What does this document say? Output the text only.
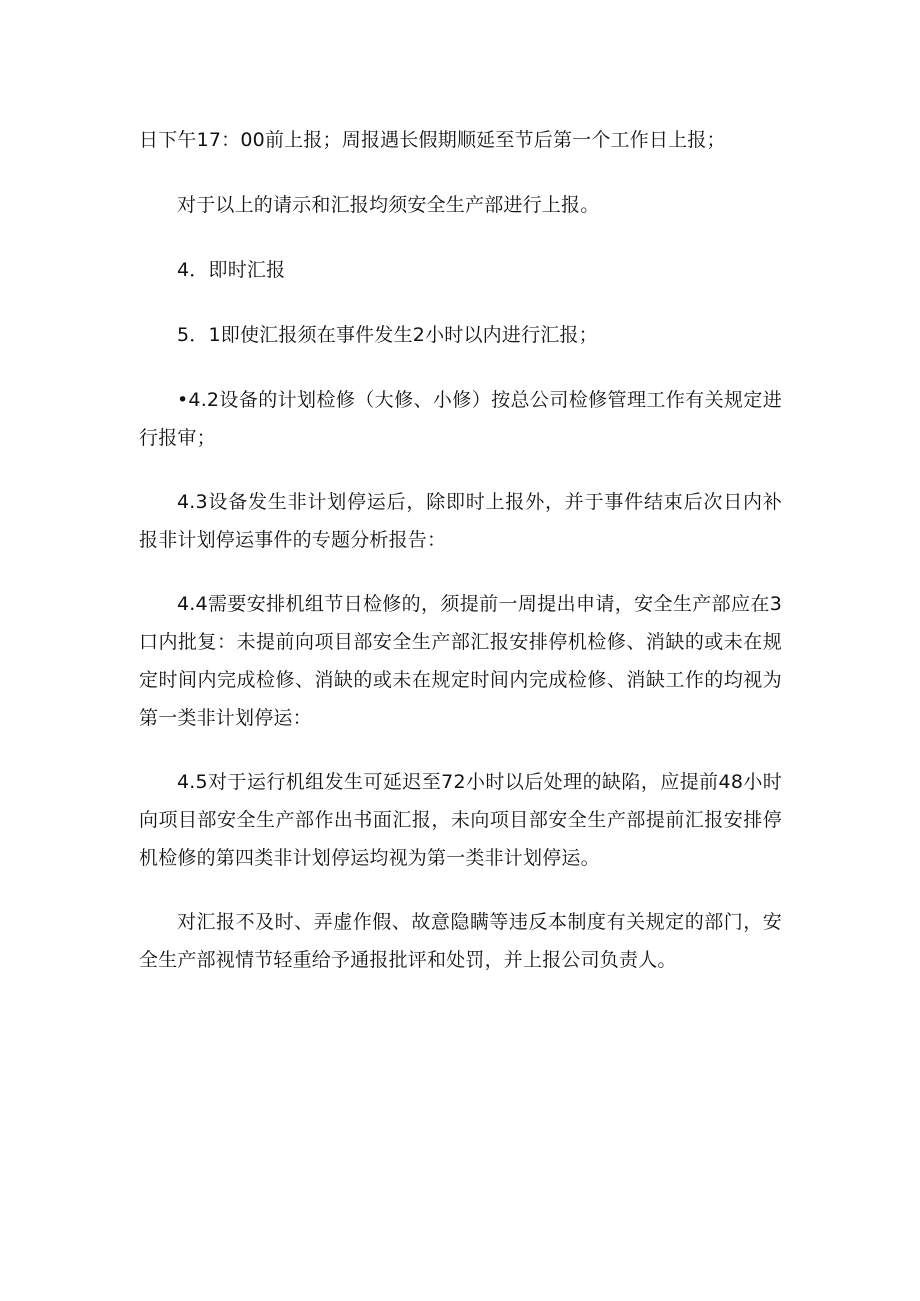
日下午17：00前上报；周报遇长假期顺延至节后第一个工作日上报；

对于以上的请示和汇报均须安全生产部进行上报。

4．即时汇报

5．1即使汇报须在事件发生2小时以内进行汇报；

•4.2设备的计划检修（大修、小修）按总公司检修管理工作有关规定进行报审；

4.3设备发生非计划停运后，除即时上报外，并于事件结束后次日内补报非计划停运事件的专题分析报告：

4.4需要安排机组节日检修的，须提前一周提出申请，安全生产部应在3口内批复：未提前向项目部安全生产部汇报安排停机检修、消缺的或未在规定时间内完成检修、消缺的或未在规定时间内完成检修、消缺工作的均视为第一类非计划停运：

4.5对于运行机组发生可延迟至72小时以后处理的缺陷，应提前48小时向项目部安全生产部作出书面汇报，未向项目部安全生产部提前汇报安排停机检修的第四类非计划停运均视为第一类非计划停运。

对汇报不及时、弄虚作假、故意隐瞒等违反本制度有关规定的部门，安全生产部视情节轻重给予通报批评和处罚，并上报公司负责人。
